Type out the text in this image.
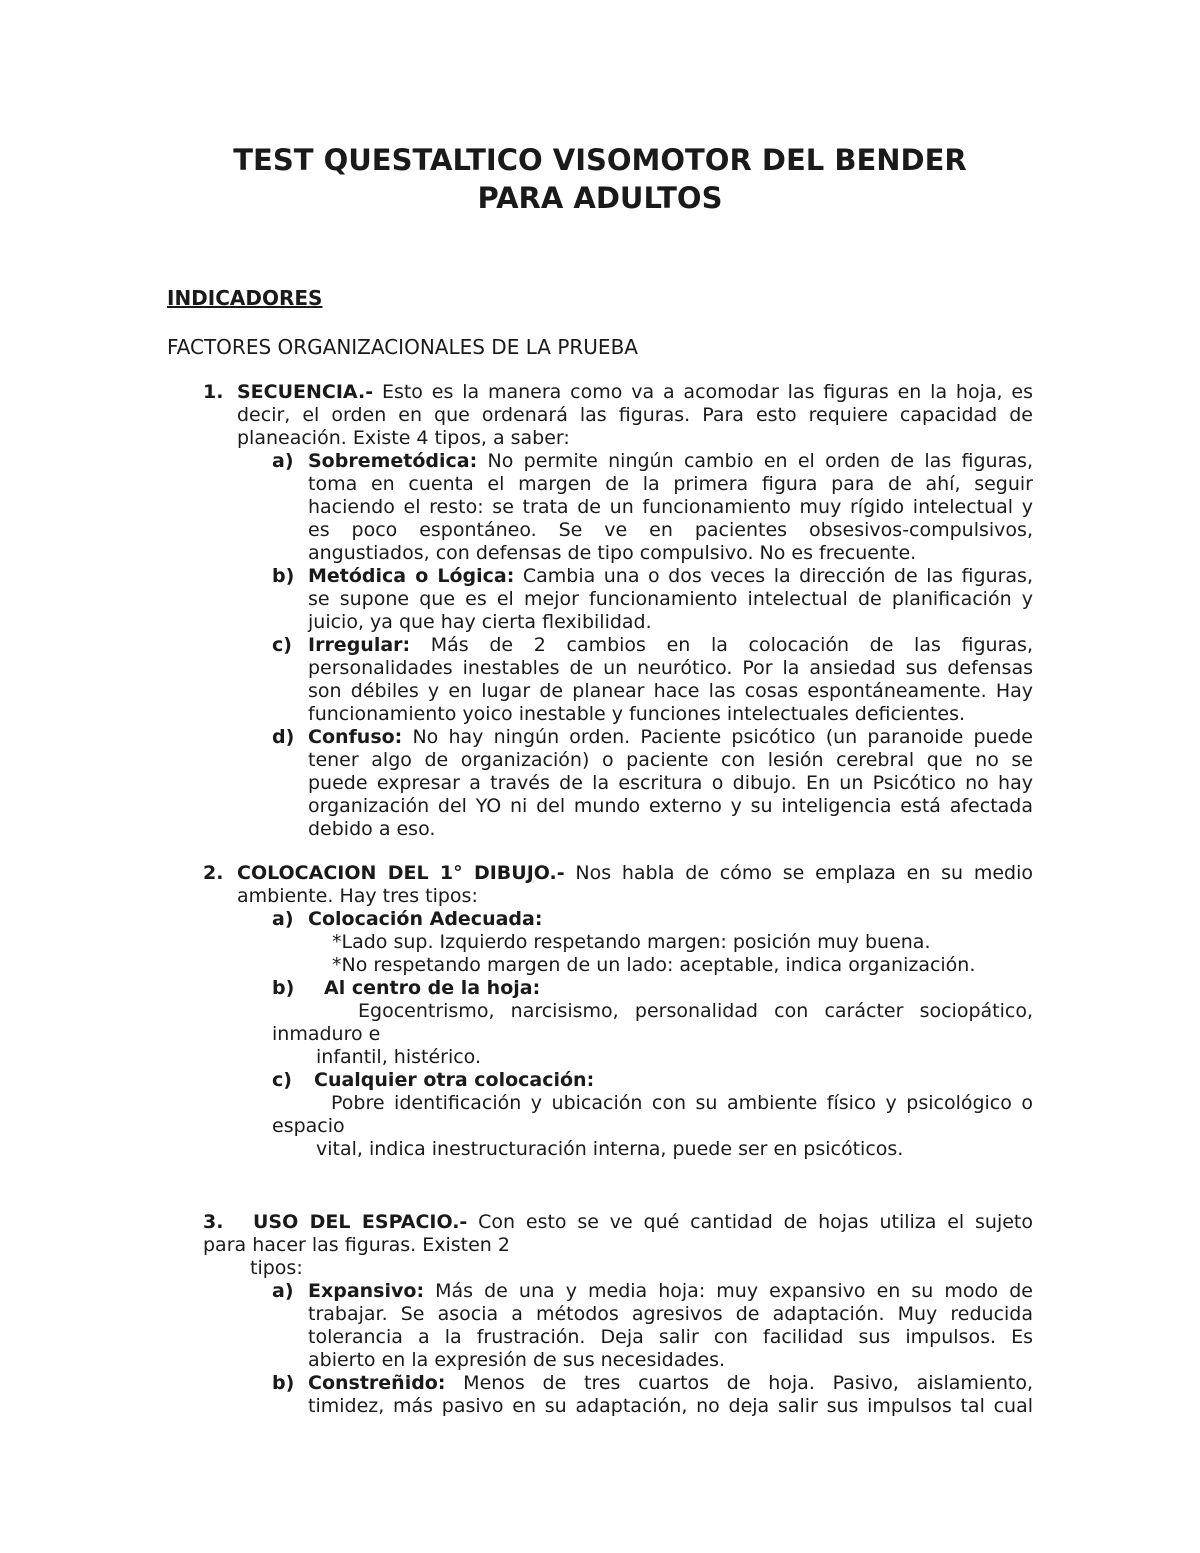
TEST QUESTALTICO VISOMOTOR DEL BENDER
PARA ADULTOS
INDICADORES
FACTORES ORGANIZACIONALES DE LA PRUEBA
1. SECUENCIA.- Esto es la manera como va a acomodar las figuras en la hoja, es
decir, el orden en que ordenará las figuras. Para esto requiere capacidad de
planeación. Existe 4 tipos, a saber:
a) Sobremetódica: No permite ningún cambio en el orden de las figuras,
toma en cuenta el margen de la primera figura para de ahí, seguir
haciendo el resto: se trata de un funcionamiento muy rígido intelectual y
es poco espontáneo. Se ve en pacientes obsesivos-compulsivos,
angustiados, con defensas de tipo compulsivo. No es frecuente.
b) Metódica o Lógica: Cambia una o dos veces la dirección de las figuras,
se supone que es el mejor funcionamiento intelectual de planificación y
juicio, ya que hay cierta flexibilidad.
c) Irregular: Más de 2 cambios en la colocación de las figuras,
personalidades inestables de un neurótico. Por la ansiedad sus defensas
son débiles y en lugar de planear hace las cosas espontáneamente. Hay
funcionamiento yoico inestable y funciones intelectuales deficientes.
d) Confuso: No hay ningún orden. Paciente psicótico (un paranoide puede
tener algo de organización) o paciente con lesión cerebral que no se
puede expresar a través de la escritura o dibujo. En un Psicótico no hay
organización del YO ni del mundo externo y su inteligencia está afectada
debido a eso.
2. COLOCACION DEL 1° DIBUJO.- Nos habla de cómo se emplaza en su medio
ambiente. Hay tres tipos:
a) Colocación Adecuada:
*Lado sup. Izquierdo respetando margen: posición muy buena.
*No respetando margen de un lado: aceptable, indica organización.
b) Al centro de la hoja:
Egocentrismo, narcisismo, personalidad con carácter sociopático,
inmaduro e
infantil, histérico.
c) Cualquier otra colocación:
Pobre identificación y ubicación con su ambiente físico y psicológico o
espacio
vital, indica inestructuración interna, puede ser en psicóticos.
3. USO DEL ESPACIO.- Con esto se ve qué cantidad de hojas utiliza el sujeto
para hacer las figuras. Existen 2
tipos:
a) Expansivo: Más de una y media hoja: muy expansivo en su modo de
trabajar. Se asocia a métodos agresivos de adaptación. Muy reducida
tolerancia a la frustración. Deja salir con facilidad sus impulsos. Es
abierto en la expresión de sus necesidades.
b) Constreñido: Menos de tres cuartos de hoja. Pasivo, aislamiento,
timidez, más pasivo en su adaptación, no deja salir sus impulsos tal cual
